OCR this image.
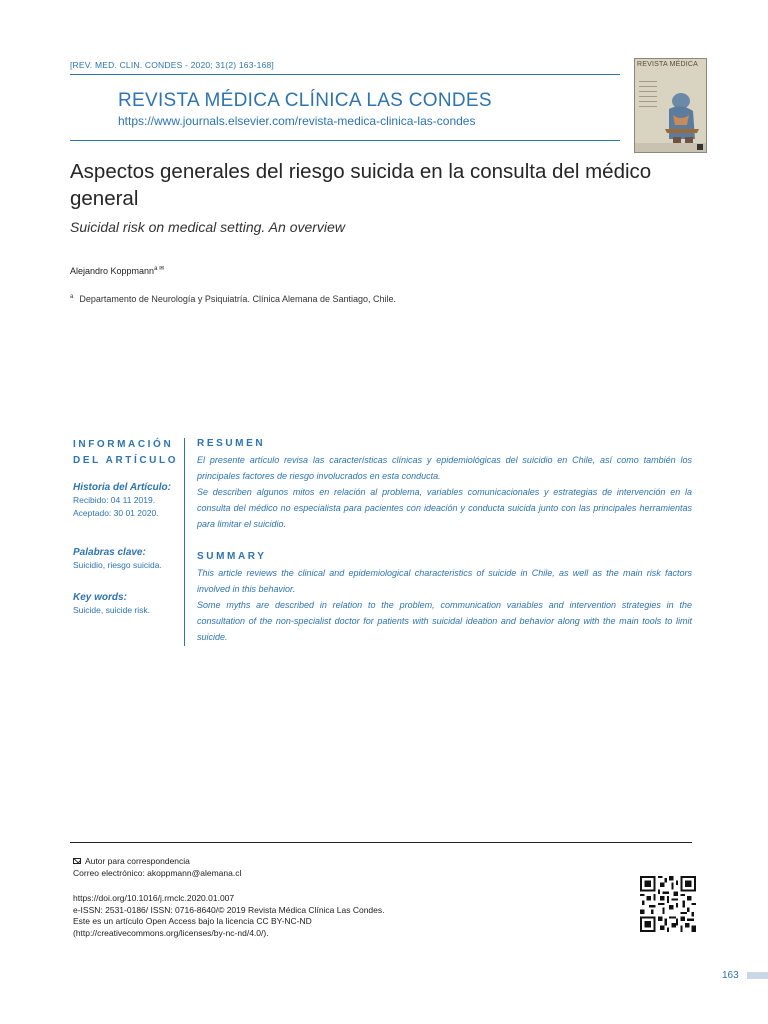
[REV. MED. CLIN. CONDES - 2020; 31(2) 163-168]
REVISTA MÉDICA CLÍNICA LAS CONDES
https://www.journals.elsevier.com/revista-medica-clinica-las-condes
REVISTA MÉDICA
Aspectos generales del riesgo suicida en la consulta del médico general
Suicidal risk on medical setting. An overview
Alejandro Koppmann$^{a ✉}$
$^a$ Departamento de Neurología y Psiquiatría. Clínica Alemana de Santiago, Chile.
INFORMACIÓN DEL ARTÍCULO
Historia del Artículo:
Recibido: 04 11 2019.
Aceptado: 30 01 2020.
Palabras clave:
Suicidio, riesgo suicida.
Key words:
Suicide, suicide risk.
RESUMEN

El presente artículo revisa las características clínicas y epidemiológicas del suicidio en Chile, así como también los principales factores de riesgo involucrados en esta conducta.

Se describen algunos mitos en relación al problema, variables comunicacionales y estrategias de intervención en la consulta del médico no especialista para pacientes con ideación y conducta suicida junto con las principales herramientas para limitar el suicidio.

SUMMARY

This article reviews the clinical and epidemiological characteristics of suicide in Chile, as well as the main risk factors involved in this behavior.

Some myths are described in relation to the problem, communication variables and intervention strategies in the consultation of the non-specialist doctor for patients with suicidal ideation and behavior along with the main tools to limit suicide.

Autor para correspondencia
Correo electrónico: akoppmann@alemana.cl
https://doi.org/10.1016/j.rmclc.2020.01.007
e-ISSN: 2531-0186/ ISSN: 0716-8640/© 2019 Revista Médica Clínica Las Condes.
Este es un artículo Open Access bajo la licencia CC BY-NC-ND
(http://creativecommons.org/licenses/by-nc-nd/4.0/).
163
